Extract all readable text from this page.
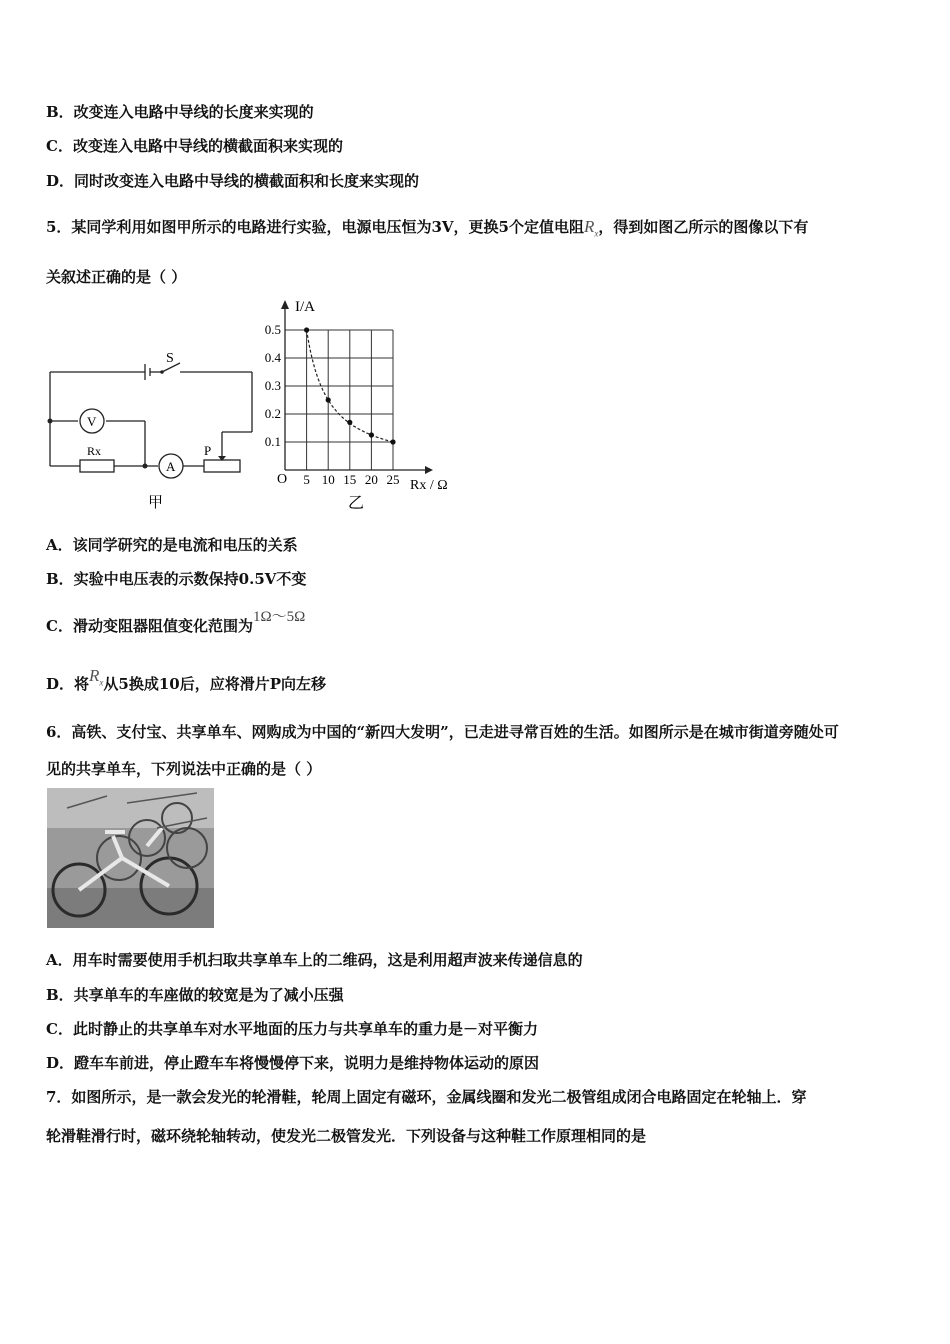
B．改变连入电路中导线的长度来实现的
C．改变连入电路中导线的横截面积来实现的
D．同时改变连入电路中导线的横截面积和长度来实现的
5．某同学利用如图甲所示的电路进行实验，电源电压恒为3V，更换5个定值电阻$R_x$，得到如图乙所示的图像以下有
关叙述正确的是（ ）
S
V
Rx
A
P
甲
5 10 15 20 25
0.5
0.4
0.3
0.2
0.1
I/A
Rx / Ω
O
乙
A．该同学研究的是电流和电压的关系
B．实验中电压表的示数保持0.5V不变
C．滑动变阻器阻值变化范围为1Ω～5Ω
D．将$R_x$从5换成10后，应将滑片P向左移
6．高铁、支付宝、共享单车、网购成为中国的“新四大发明”，已走进寻常百姓的生活。如图所示是在城市街道旁随处可
见的共享单车，下列说法中正确的是（ ）
A．用车时需要使用手机扫取共享单车上的二维码，这是利用超声波来传递信息的
B．共享单车的车座做的较宽是为了减小压强
C．此时静止的共享单车对水平地面的压力与共享单车的重力是－对平衡力
D．蹬车车前进，停止蹬车车将慢慢停下来，说明力是维持物体运动的原因
7．如图所示，是一款会发光的轮滑鞋，轮周上固定有磁环，金属线圈和发光二极管组成闭合电路固定在轮轴上．穿
轮滑鞋滑行时，磁环绕轮轴转动，使发光二极管发光．下列设备与这种鞋工作原理相同的是
